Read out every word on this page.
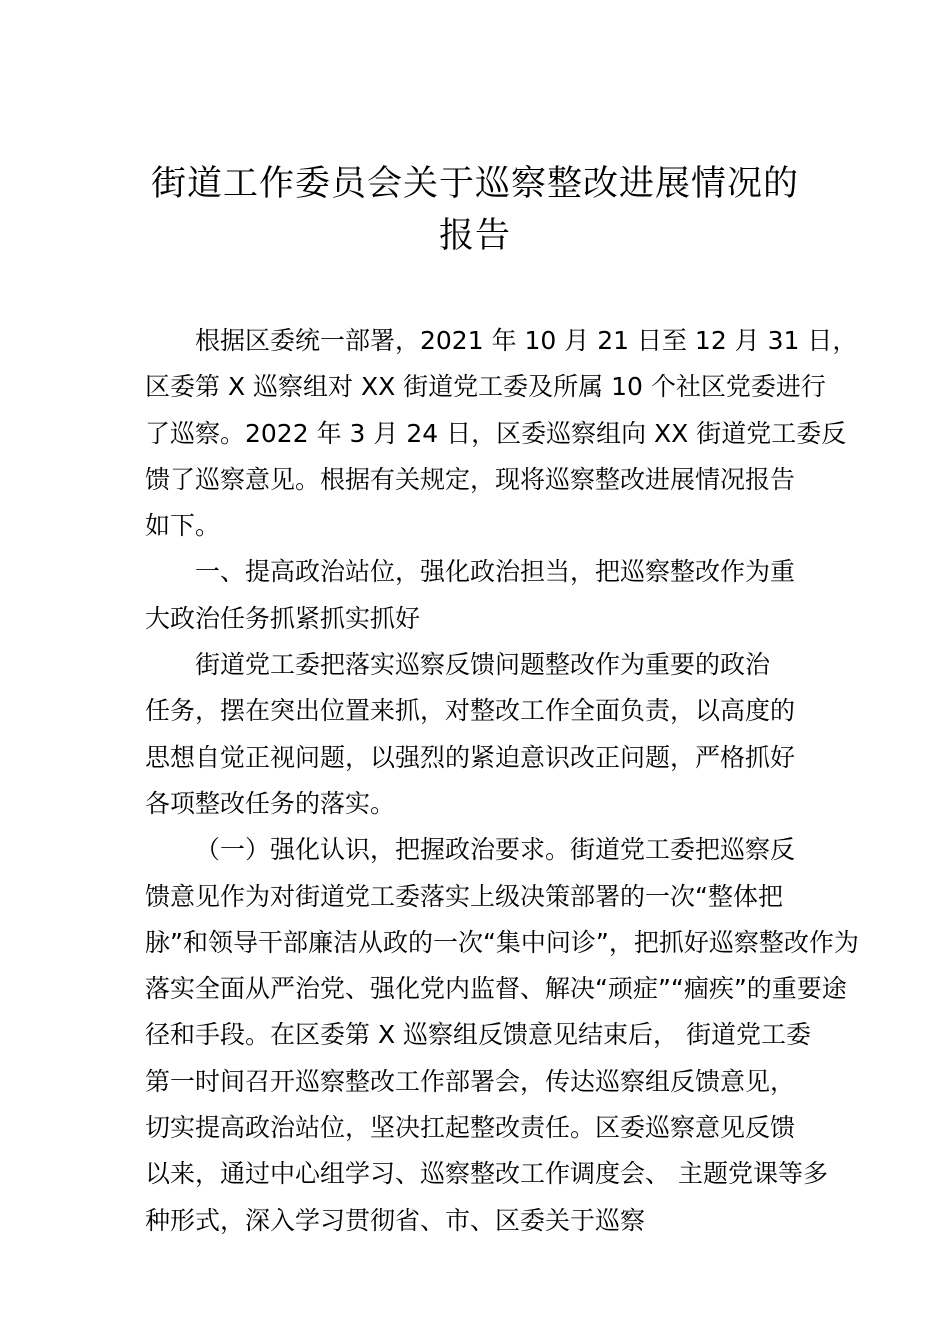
街道工作委员会关于巡察整改进展情况的
报告
根据区委统一部署，2021 年 10 月 21 日至 12 月 31 日，
区委第 X 巡察组对 XX 街道党工委及所属 10 个社区党委进行
了巡察。2022 年 3 月 24 日，区委巡察组向 XX 街道党工委反
馈了巡察意见。根据有关规定，现将巡察整改进展情况报告
如下。
一、提高政治站位，强化政治担当，把巡察整改作为重
大政治任务抓紧抓实抓好
街道党工委把落实巡察反馈问题整改作为重要的政治
任务，摆在突出位置来抓，对整改工作全面负责，以高度的
思想自觉正视问题，以强烈的紧迫意识改正问题，严格抓好
各项整改任务的落实。
（一）强化认识，把握政治要求。街道党工委把巡察反
馈意见作为对街道党工委落实上级决策部署的一次“整体把
脉”和领导干部廉洁从政的一次“集中问诊”，把抓好巡察整改作为
落实全面从严治党、强化党内监督、解决“顽症”“痼疾”的重要途
径和手段。在区委第 X 巡察组反馈意见结束后， 街道党工委
第一时间召开巡察整改工作部署会，传达巡察组反馈意见，
切实提高政治站位，坚决扛起整改责任。区委巡察意见反馈
以来，通过中心组学习、巡察整改工作调度会、 主题党课等多
种形式，深入学习贯彻省、市、区委关于巡察
